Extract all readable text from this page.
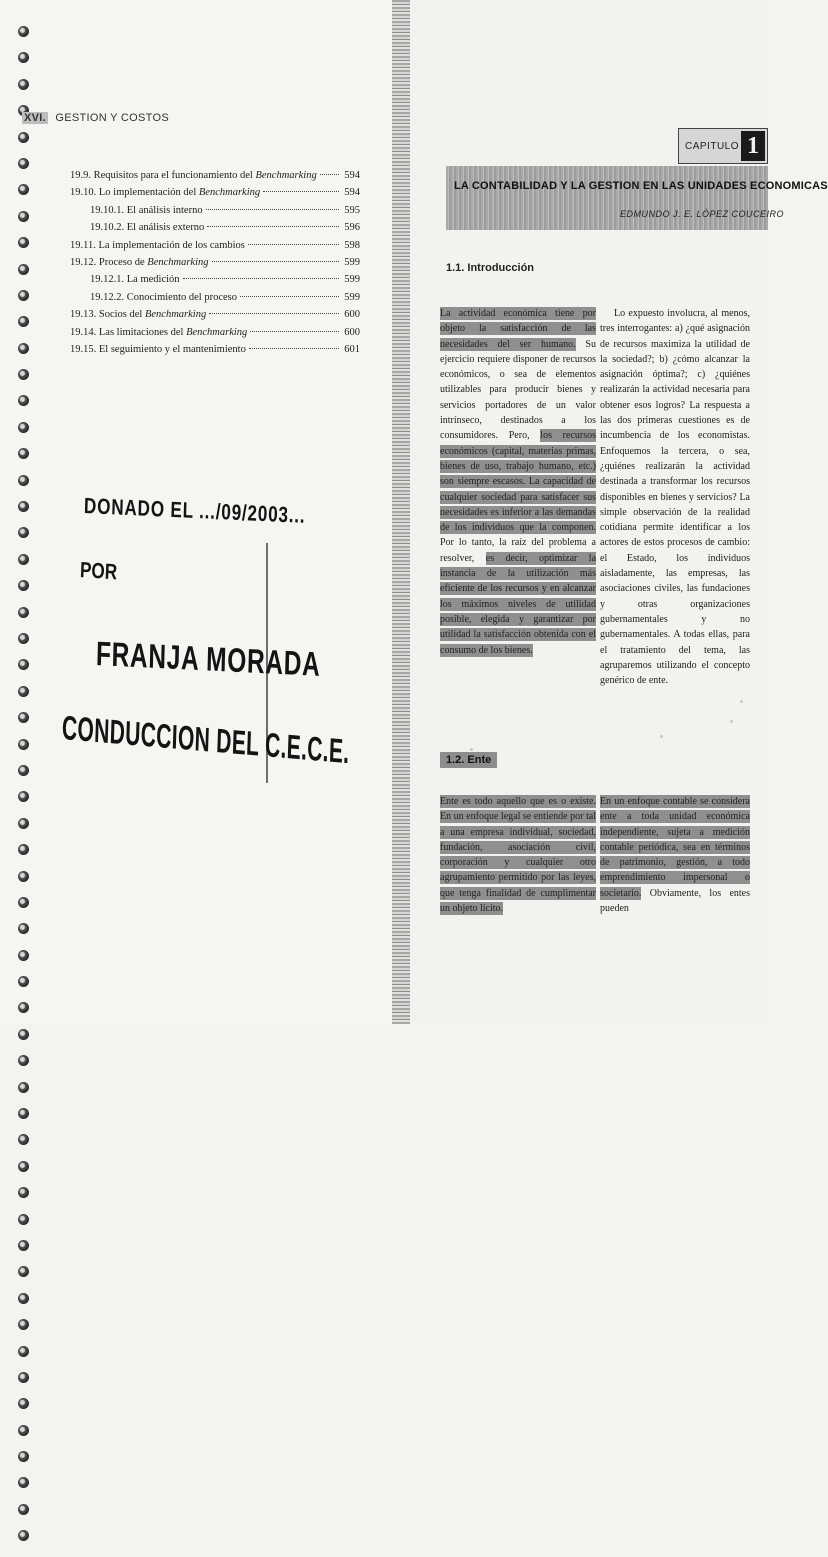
XVI. GESTION Y COSTOS
19.9. Requisitos para el funcionamiento del Benchmarking	594
19.10. Lo implementación del Benchmarking	594
19.10.1. El análisis interno	595
19.10.2. El análisis externo	596
19.11. La implementación de los cambios	598
19.12. Proceso de Benchmarking	599
19.12.1. La medición	599
19.12.2. Conocimiento del proceso	599
19.13. Socios del Benchmarking	600
19.14. Las limitaciones del Benchmarking	600
19.15. El seguimiento y el mantenimiento	601
DONADO EL .../09/2003...
POR
FRANJA MORADA
CONDUCCION DEL C.E.C.E.
CAPITULO 1
LA CONTABILIDAD Y LA GESTION EN LAS UNIDADES ECONOMICAS
EDMUNDO J. E. LÓPEZ COUCEIRO
1.1. Introducción

La actividad económica tiene por objeto la satisfacción de las necesidades del ser humano. Su ejercicio requiere disponer de recursos económicos, o sea de elementos utilizables para producir bienes y servicios portadores de un valor intrínseco, destinados a los consumidores. Pero, los recursos económicos (capital, materias primas, bienes de uso, trabajo humano, etc.) son siempre escasos. La capacidad de cualquier sociedad para satisfacer sus necesidades es inferior a las demandas de los individuos que la componen. Por lo tanto, la raíz del problema a resolver, es decir, optimizar la instancia de la utilización más eficiente de los recursos y en alcanzar los máximos niveles de utilidad posible, elegida y garantizar por utilidad la satisfacción obtenida con el consumo de los bienes.

Lo expuesto involucra, al menos, tres interrogantes: a) ¿qué asignación de recursos maximiza la utilidad de la sociedad?; b) ¿cómo alcanzar la asignación óptima?; c) ¿quiénes realizarán la actividad necesaria para obtener esos logros? La respuesta a las dos primeras cuestiones es de incumbencia de los economistas. Enfoquemos la tercera, o sea, ¿quiénes realizarán la actividad destinada a transformar los recursos disponibles en bienes y servicios? La simple observación de la realidad cotidiana permite identificar a los actores de estos procesos de cambio: el Estado, los individuos aisladamente, las empresas, las asociaciones civiles, las fundaciones y otras organizaciones gubernamentales y no gubernamentales. A todas ellas, para el tratamiento del tema, las agruparemos utilizando el concepto genérico de ente.

1.2. Ente

Ente es todo aquello que es o existe. En un enfoque legal se entiende por tal a una empresa individual, sociedad, fundación, asociación civil, corporación y cualquier otro agrupamiento permitido por las leyes, que tenga finalidad de cumplimentar un objeto lícito.

En un enfoque contable se considera ente a toda unidad económica independiente, sujeta a medición contable periódica, sea en términos de patrimonio, gestión, a todo emprendimiento impersonal o societario. Obviamente, los entes pueden
